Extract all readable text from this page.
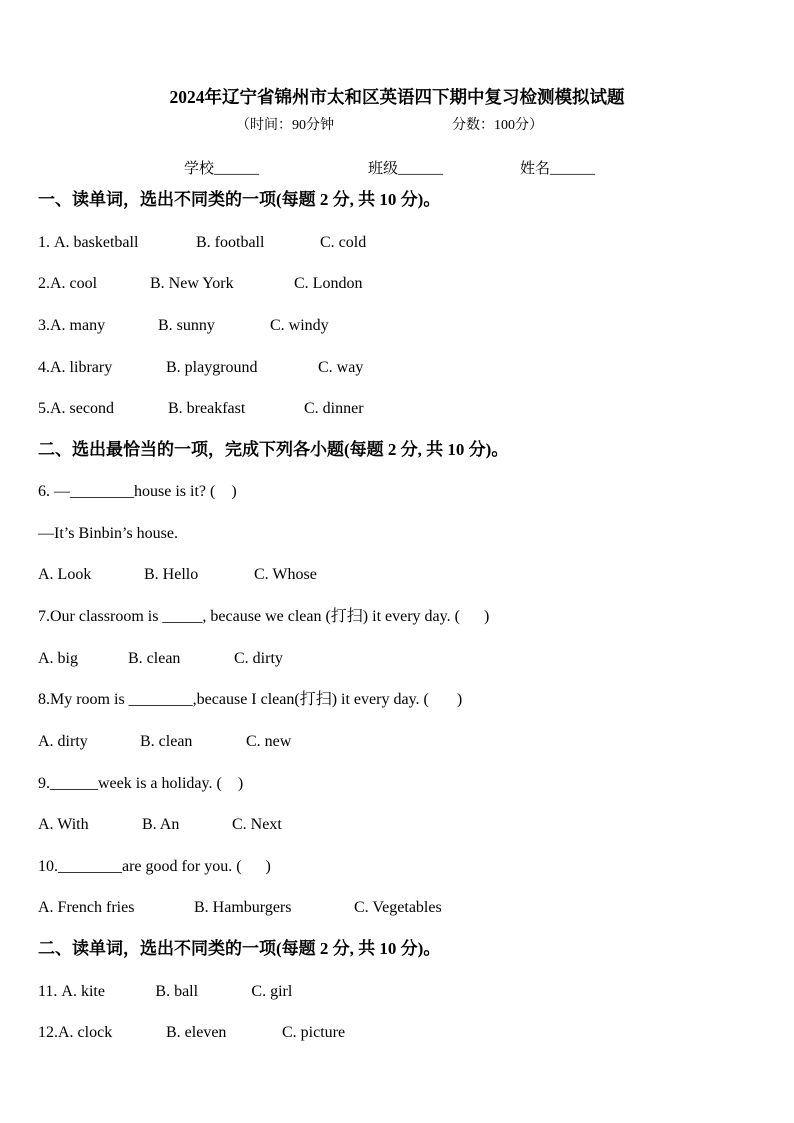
2024年辽宁省锦州市太和区英语四下期中复习检测模拟试题
（时间：90分钟	分数：100分）
学校______	班级______	姓名______
一、读单词，选出不同类的一项(每题 2 分, 共 10 分)。
1. A. basketball	B. football	C. cold
2.A. cool	B. New York	C. London
3.A. many	B. sunny	C. windy
4.A. library	B. playground	C. way
5.A. second	B. breakfast	C. dinner
二、选出最恰当的一项，完成下列各小题(每题 2 分, 共 10 分)。
6. —________house is it? (    )
—It’s Binbin’s house.
A. Look	B. Hello	C. Whose
7.Our classroom is _____, because we clean (打扫) it every day. (      )
A. big	B. clean	C. dirty
8.My room is ________,because I clean(打扫) it every day. (       )
A. dirty	B. clean	C. new
9.______week is a holiday. (    )
A. With	B. An	C. Next
10.________are good for you. (      )
A. French fries	B. Hamburgers	C. Vegetables
二、读单词，选出不同类的一项(每题 2 分, 共 10 分)。
11. A. kite	B. ball	C. girl
12.A. clock	B. eleven	C. picture
